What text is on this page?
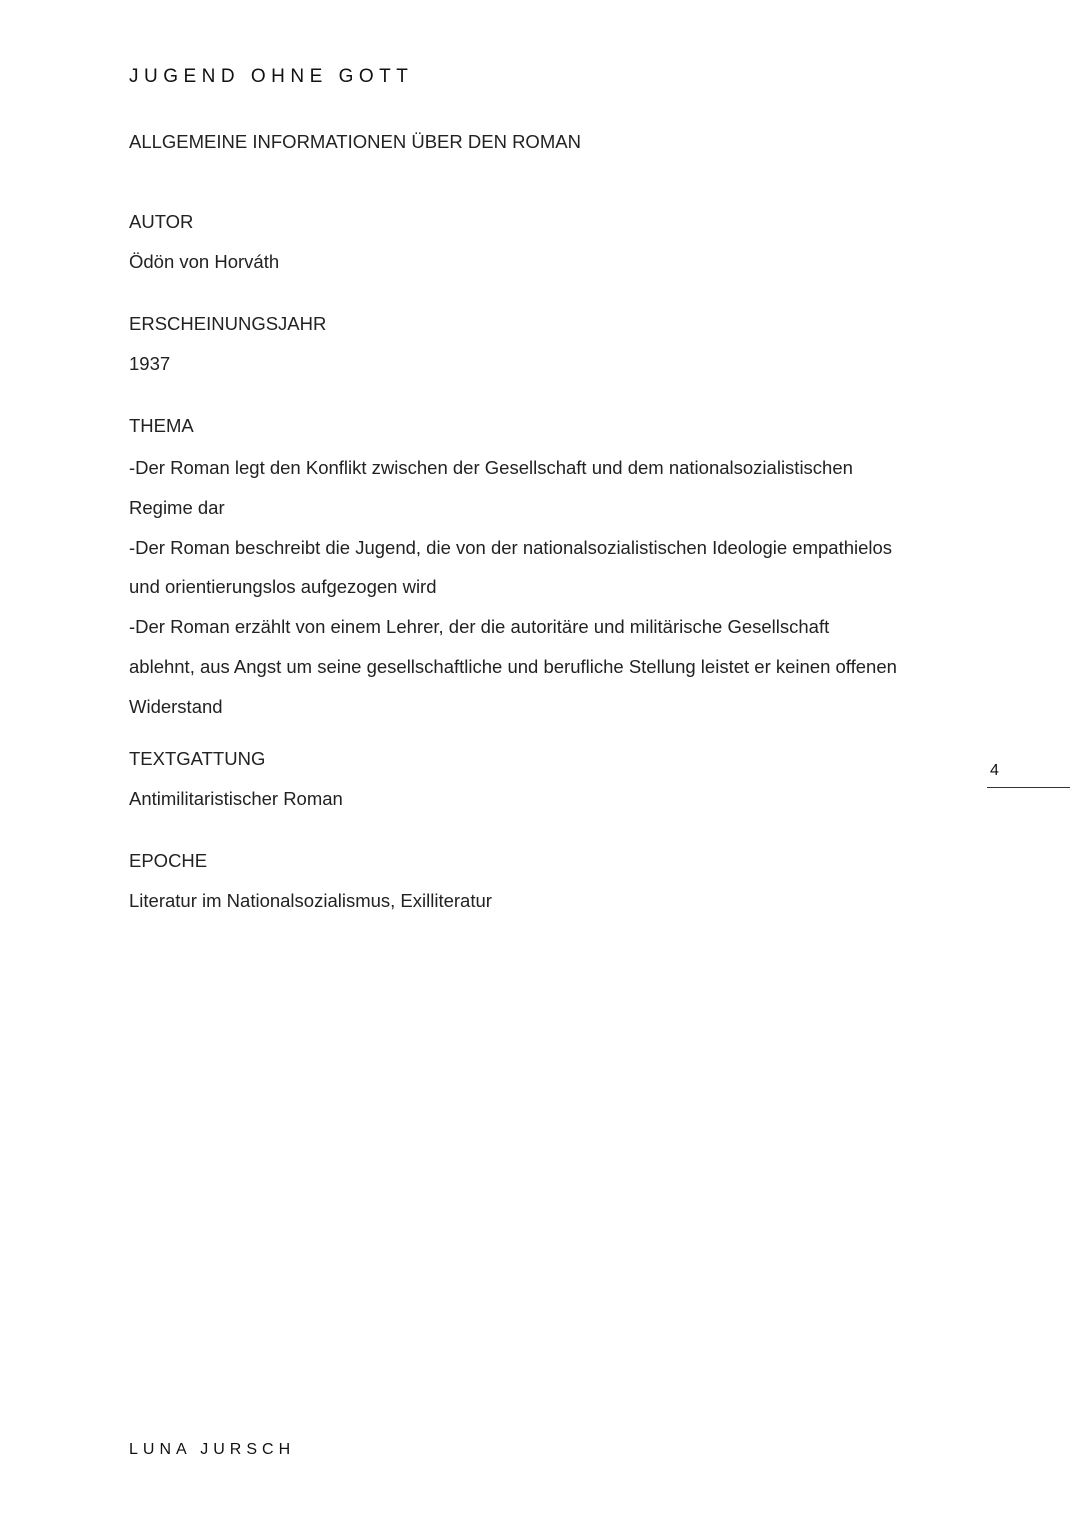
JUGEND OHNE GOTT

ALLGEMEINE INFORMATIONEN ÜBER DEN ROMAN

AUTOR

Ödön von Horváth

ERSCHEINUNGSJAHR

1937

THEMA

-Der Roman legt den Konflikt zwischen der Gesellschaft und dem nationalsozialistischen
Regime dar
-Der Roman beschreibt die Jugend, die von der nationalsozialistischen Ideologie empathielos
und orientierungslos aufgezogen wird
-Der Roman erzählt von einem Lehrer, der die autoritäre und militärische Gesellschaft
ablehnt, aus Angst um seine gesellschaftliche und berufliche Stellung leistet er keinen offenen
Widerstand

TEXTGATTUNG

Antimilitaristischer Roman

EPOCHE

Literatur im Nationalsozialismus, Exilliteratur

4

LUNA JURSCH
